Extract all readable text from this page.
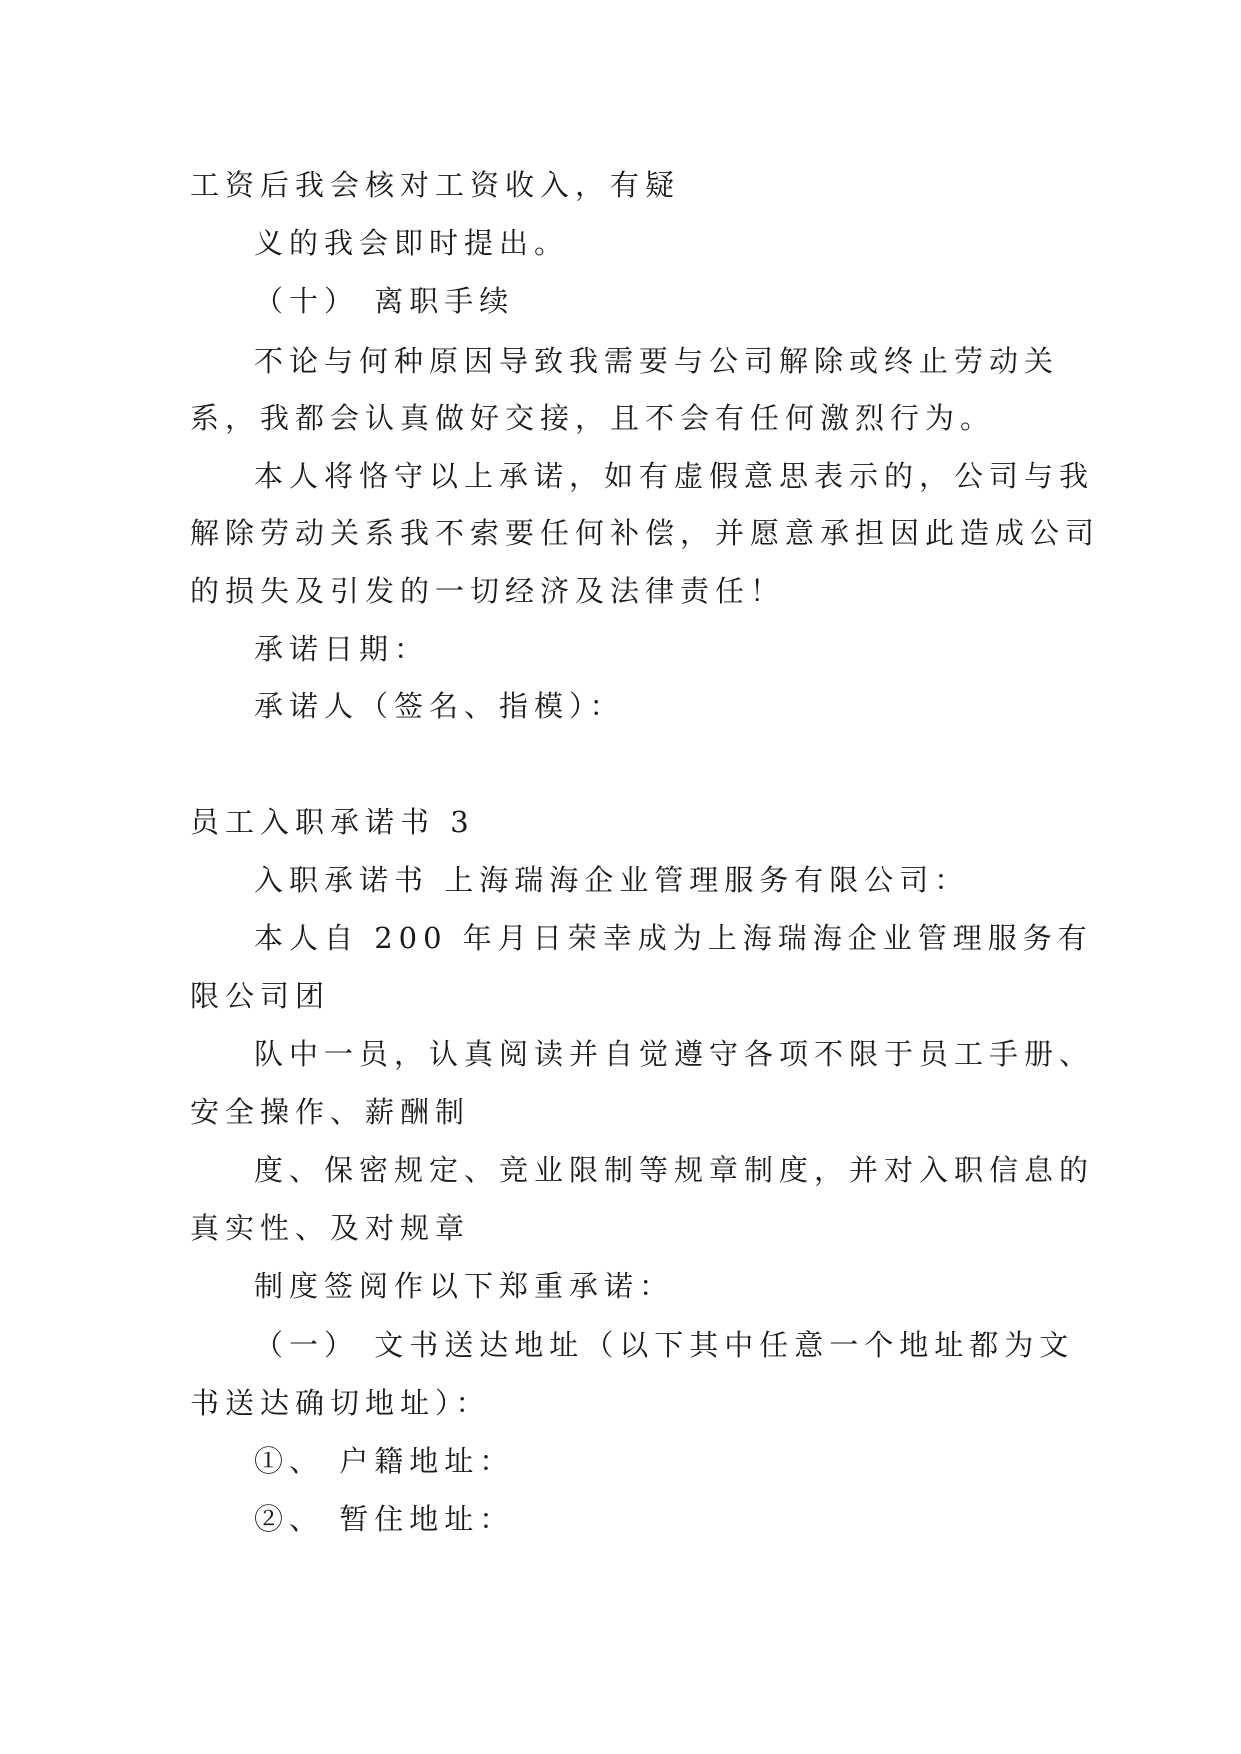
工资后我会核对工资收入，有疑
义的我会即时提出。
（十） 离职手续
不论与何种原因导致我需要与公司解除或终止劳动关
系，我都会认真做好交接，且不会有任何激烈行为。
本人将恪守以上承诺，如有虚假意思表示的，公司与我
解除劳动关系我不索要任何补偿，并愿意承担因此造成公司
的损失及引发的一切经济及法律责任！
承诺日期：
承诺人（签名、指模）：
员工入职承诺书 3
入职承诺书 上海瑞海企业管理服务有限公司：
本人自 200 年月日荣幸成为上海瑞海企业管理服务有
限公司团
队中一员，认真阅读并自觉遵守各项不限于员工手册、
安全操作、薪酬制
度、保密规定、竞业限制等规章制度，并对入职信息的
真实性、及对规章
制度签阅作以下郑重承诺：
（一） 文书送达地址（以下其中任意一个地址都为文
书送达确切地址）：
①、 户籍地址：
②、 暂住地址：
